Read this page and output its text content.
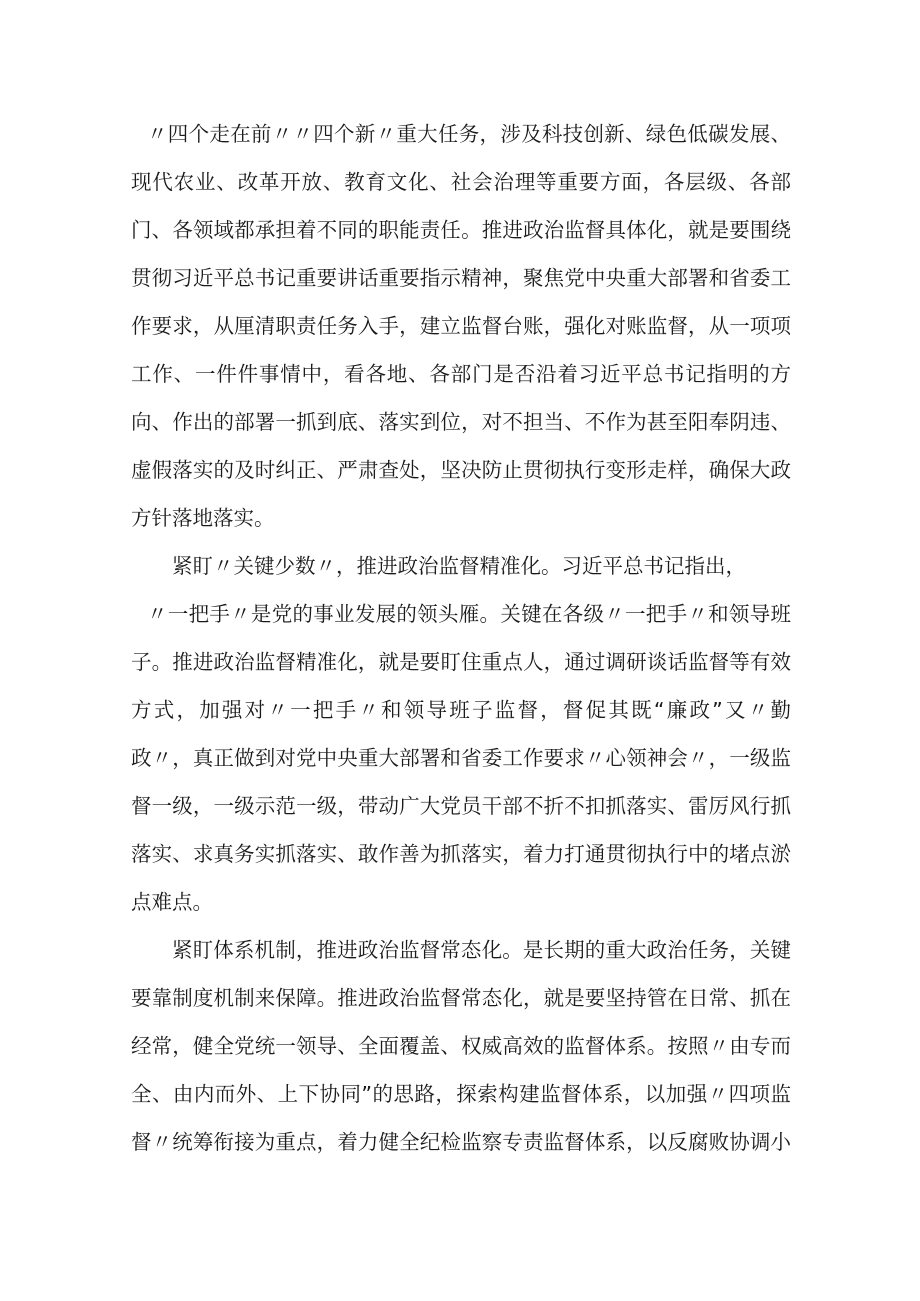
〃四个走在前〃〃四个新〃重大任务，涉及科技创新、绿色低碳发展、
现代农业、改革开放、教育文化、社会治理等重要方面，各层级、各部
门、各领域都承担着不同的职能责任。推进政治监督具体化，就是要围绕
贯彻习近平总书记重要讲话重要指示精神，聚焦党中央重大部署和省委工
作要求，从厘清职责任务入手，建立监督台账，强化对账监督，从一项项
工作、一件件事情中，看各地、各部门是否沿着习近平总书记指明的方
向、作出的部署一抓到底、落实到位，对不担当、不作为甚至阳奉阴违、
虚假落实的及时纠正、严肃查处，坚决防止贯彻执行变形走样，确保大政
方针落地落实。
紧盯〃关键少数〃，推进政治监督精准化。习近平总书记指出，
〃一把手〃是党的事业发展的领头雁。关键在各级〃一把手〃和领导班
子。推进政治监督精准化，就是要盯住重点人，通过调研谈话监督等有效
方式，加强对〃一把手〃和领导班子监督，督促其既“廉政”又〃勤
政〃，真正做到对党中央重大部署和省委工作要求〃心领神会〃，一级监
督一级，一级示范一级，带动广大党员干部不折不扣抓落实、雷厉风行抓
落实、求真务实抓落实、敢作善为抓落实，着力打通贯彻执行中的堵点淤
点难点。
紧盯体系机制，推进政治监督常态化。是长期的重大政治任务，关键
要靠制度机制来保障。推进政治监督常态化，就是要坚持管在日常、抓在
经常，健全党统一领导、全面覆盖、权威高效的监督体系。按照〃由专而
全、由内而外、上下协同”的思路，探索构建监督体系，以加强〃四项监
督〃统筹衔接为重点，着力健全纪检监察专责监督体系，以反腐败协调小
